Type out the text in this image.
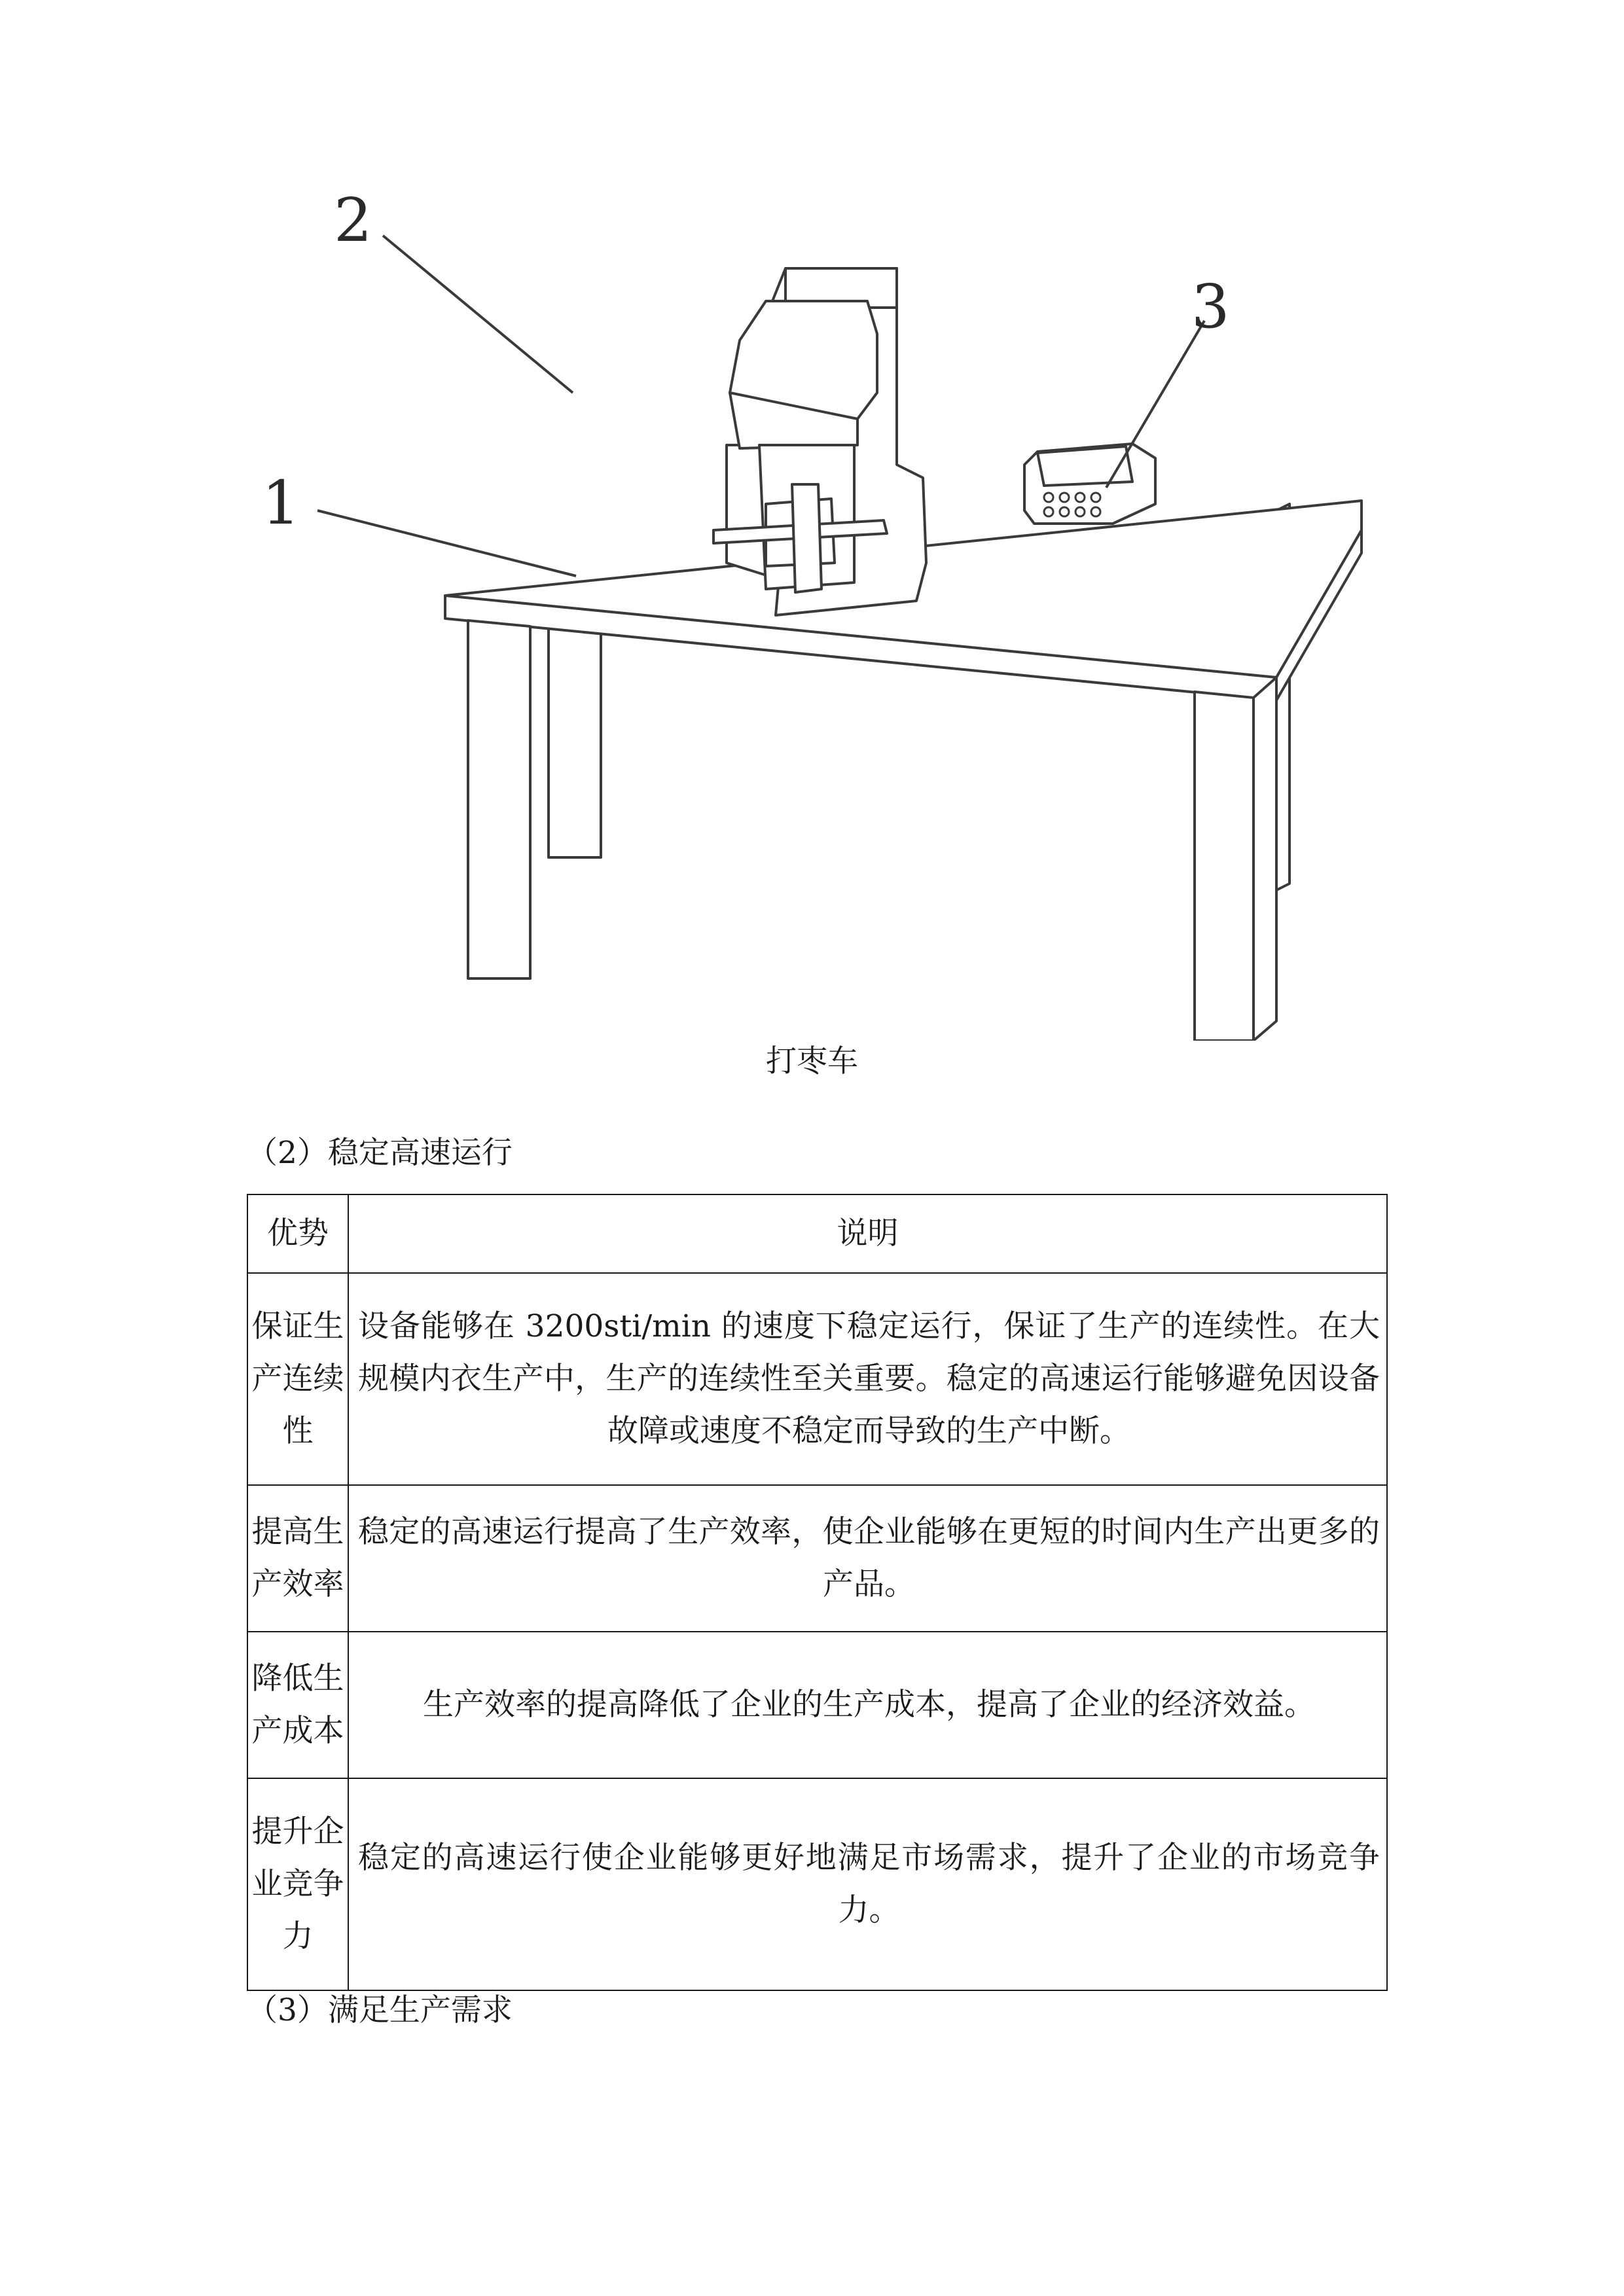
1
2
3
打枣车
（2）稳定高速运行
优势	说明

保证生产连续性	设备能够在 3200sti/min 的速度下稳定运行，保证了生产的连续性。在大规模内衣生产中，生产的连续性至关重要。稳定的高速运行能够避免因设备故障或速度不稳定而导致的生产中断。

提高生产效率	稳定的高速运行提高了生产效率，使企业能够在更短的时间内生产出更多的产品。

降低生产成本	生产效率的提高降低了企业的生产成本，提高了企业的经济效益。

提升企业竞争力	稳定的高速运行使企业能够更好地满足市场需求，提升了企业的市场竞争力。
（3）满足生产需求
